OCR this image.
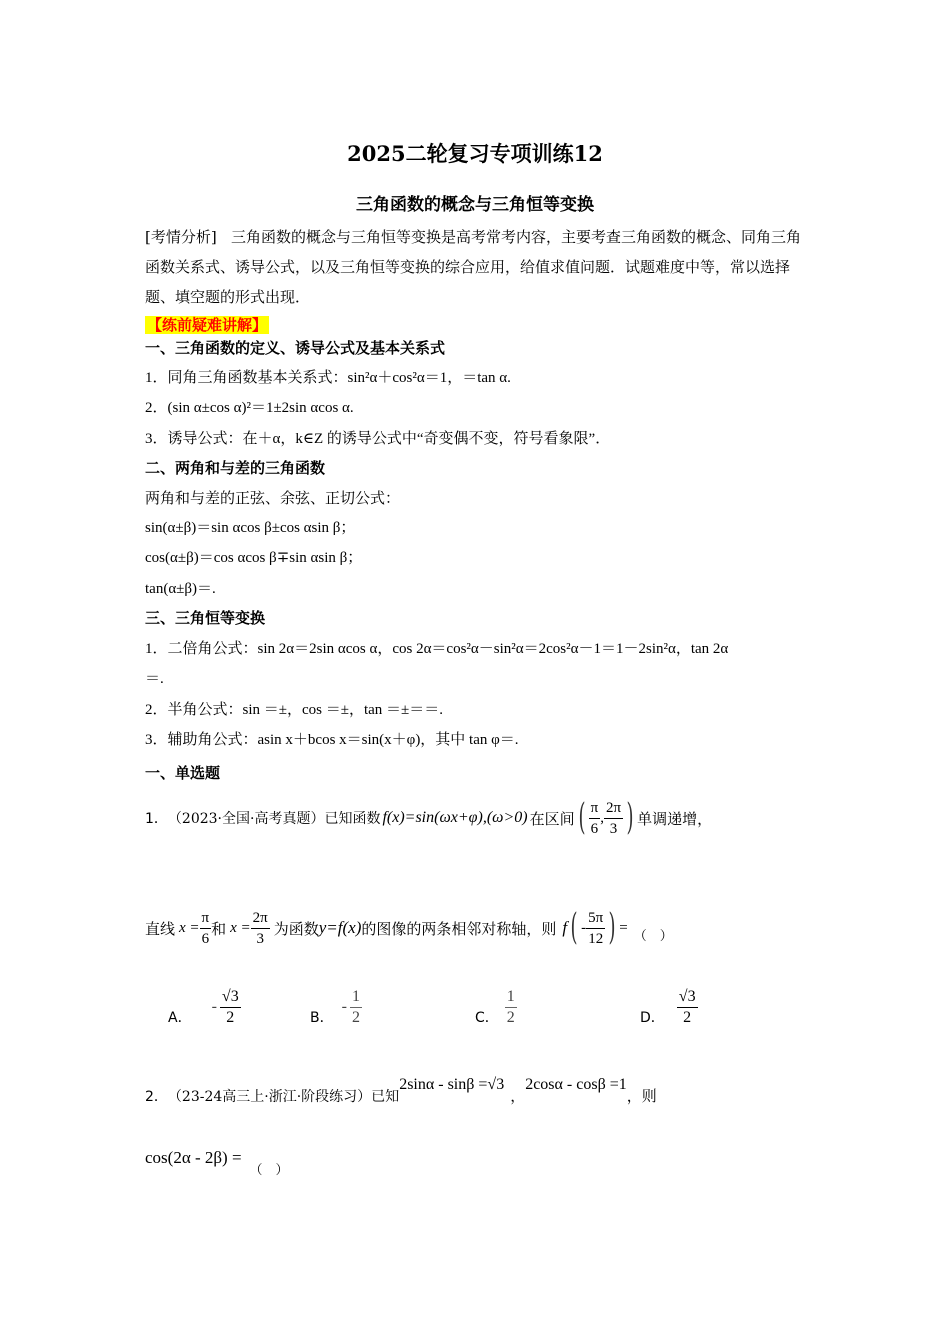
2025二轮复习专项训练12
三角函数的概念与三角恒等变换
[考情分析] 三角函数的概念与三角恒等变换是高考常考内容，主要考查三角函数的概念、同角三角函数关系式、诱导公式，以及三角恒等变换的综合应用，给值求值问题．试题难度中等，常以选择题、填空题的形式出现．
【练前疑难讲解】
一、三角函数的定义、诱导公式及基本关系式
1．同角三角函数基本关系式：sin²α＋cos²α＝1，＝tan α.
2．(sin α±cos α)²＝1±2sin αcos α.
3．诱导公式：在＋α，k∈Z 的诱导公式中“奇变偶不变，符号看象限”．
二、两角和与差的三角函数
两角和与差的正弦、余弦、正切公式：
sin(α±β)＝sin αcos β±cos αsin β；
cos(α±β)＝cos αcos β∓sin αsin β；
tan(α±β)＝.
三、三角恒等变换
1．二倍角公式：sin 2α＝2sin αcos α，cos 2α＝cos²α－sin²α＝2cos²α－1＝1－2sin²α，tan 2α
＝.
2．半角公式：sin ＝±，cos ＝±，tan ＝±＝＝.
3．辅助角公式：asin x＋bcos x＝sin(x＋φ)，其中 tan φ＝.
一、单选题
1． （2023·全国·高考真题）已知函数 f(x)=sin(ωx+φ),(ω>0) 在区间 ( $\frac{\pi}{6}$ , $\frac{2\pi}{3}$ ) 单调递增，
直线 $x = \frac{\pi}{6}$ 和 $x = \frac{2\pi}{3}$ 为函数 y=f(x) 的图像的两条相邻对称轴，则 f ( - $\frac{5\pi}{12}$ ) =
（　）
A．
- $\frac{√3}{2}$	B．
- $\frac{1}{2}$	C． $\frac{1}{2}$	D． $\frac{√3}{2}$
2． （23-24高三上·浙江·阶段练习）已知
2sinα - sinβ =√3
，
2cosα - cosβ =1
，则
cos(2α - 2β) =
（　）
